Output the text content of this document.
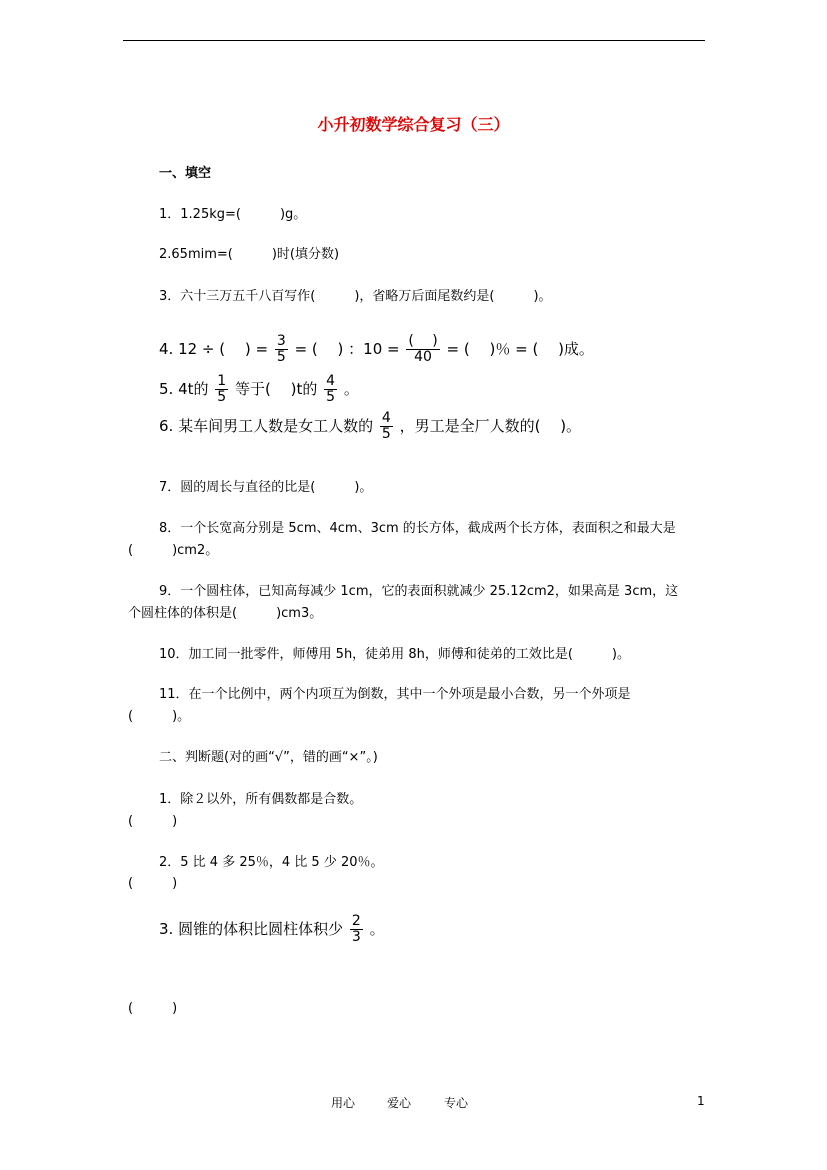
小升初数学综合复习（三）
一、填空
1．1.25kg=(　　　)g。
2.65mim=(　　　)时(填分数)
3．六十三万五千八百写作(　　　)，省略万后面尾数约是(　　　)。
4. 12 ÷ (　 ) = $\frac{3}{5}$ = (　 ) ：$10 = \frac{( )}{40}$ = (　 )％ = (　 )成。
5. 4t的 $\frac{1}{5}$ 等于(　 )t的 $\frac{4}{5}$ 。
6. 某车间男工人数是女工人数的 $\frac{4}{5}$ ，男工是全厂人数的(　 )。
7．圆的周长与直径的比是(　　　)。
8．一个长宽高分别是 5cm、4cm、3cm 的长方体，截成两个长方体，表面积之和最大是
(　　　)cm2。
9．一个圆柱体，已知高每减少 1cm，它的表面积就减少 25.12cm2，如果高是 3cm，这
个圆柱体的体积是(　　　)cm3。
10．加工同一批零件，师傅用 5h，徒弟用 8h，师傅和徒弟的工效比是(　　　)。
11．在一个比例中，两个内项互为倒数，其中一个外项是最小合数，另一个外项是
(　　　)。
二、判断题(对的画“√”，错的画“×”。)
1．除２以外，所有偶数都是合数。
(　　　)
2．5 比 4 多 25％，4 比 5 少 20％。
(　　　)
3. 圆锥的体积比圆柱体积少 $\frac{2}{3}$ 。
(　　　)
用心	爱心	专心	1
